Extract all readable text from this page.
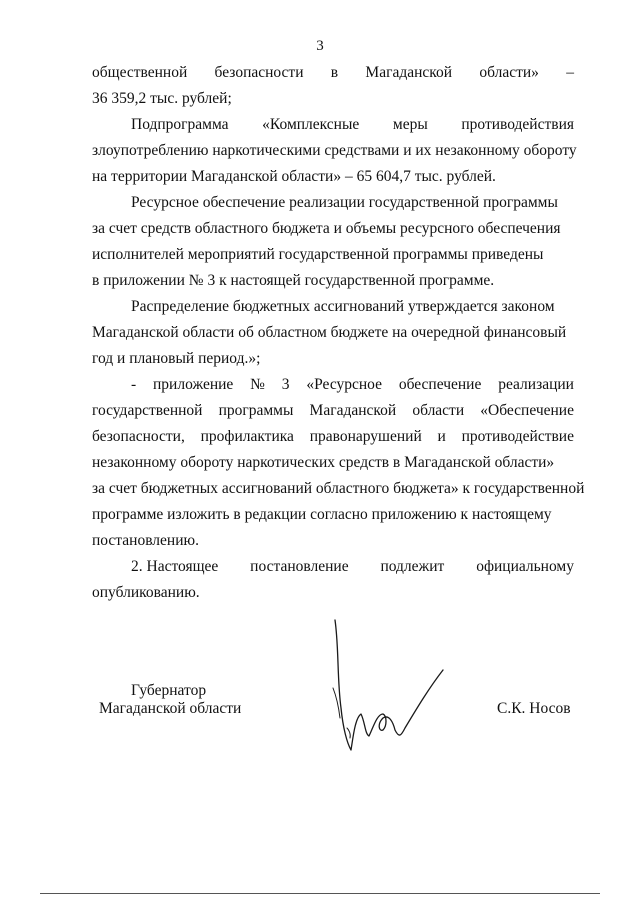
3
общественной безопасности в Магаданской области» –
36 359,2 тыс. рублей;
Подпрограмма «Комплексные меры противодействия
злоупотреблению наркотическими средствами и их незаконному обороту
на территории Магаданской области» – 65 604,7 тыс. рублей.
Ресурсное обеспечение реализации государственной программы
за счет средств областного бюджета и объемы ресурсного обеспечения
исполнителей мероприятий государственной программы приведены
в приложении № 3 к настоящей государственной программе.
Распределение бюджетных ассигнований утверждается законом
Магаданской области об областном бюджете на очередной финансовый
год и плановый период.»;
- приложение № 3 «Ресурсное обеспечение реализации
государственной программы Магаданской области «Обеспечение
безопасности, профилактика правонарушений и противодействие
незаконному обороту наркотических средств в Магаданской области»
за счет бюджетных ассигнований областного бюджета» к государственной
программе изложить в редакции согласно приложению к настоящему
постановлению.
2. Настоящее постановление подлежит официальному
опубликованию.
Губернатор
Магаданской области	С.К. Носов
